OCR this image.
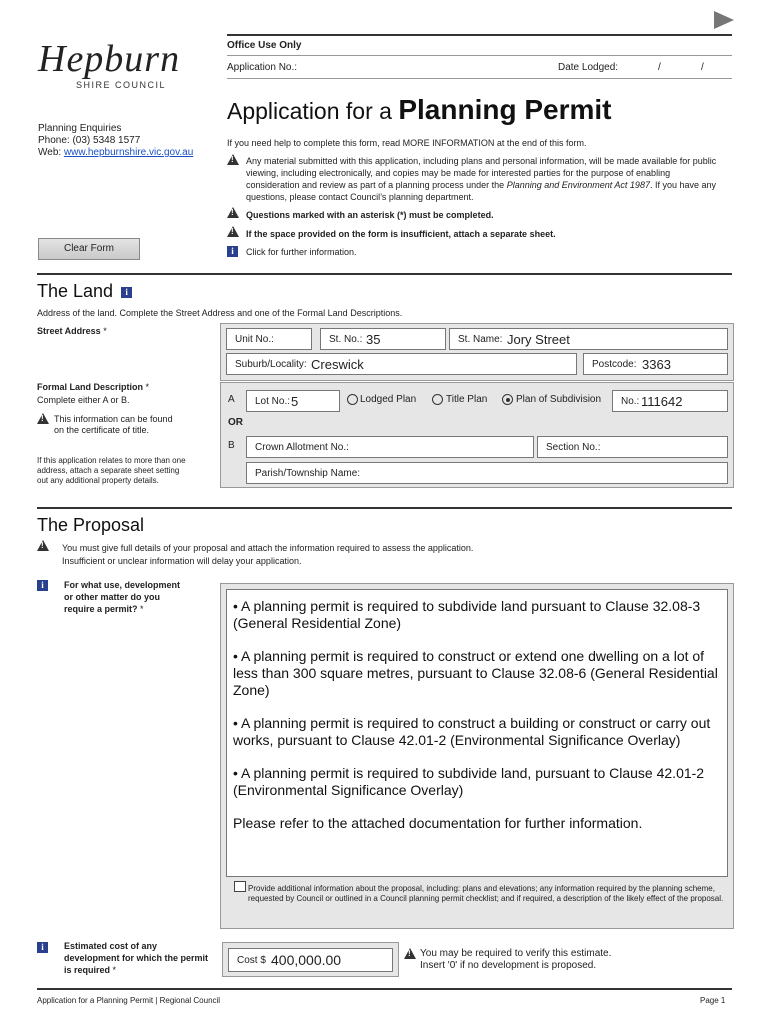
Hepburn
SHIRE COUNCIL
Office Use Only
Application No.:	Date Lodged:	/	/
Application for a Planning Permit
Planning Enquiries
Phone: (03) 5348 1577
Web: www.hepburnshire.vic.gov.au
If you need help to complete this form, read MORE INFORMATION at the end of this form.
!
Any material submitted with this application, including plans and personal information, will be made available for public viewing, including electronically, and copies may be made for interested parties for the purpose of enabling consideration and review as part of a planning process under the Planning and Environment Act 1987. If you have any questions, please contact Council’s planning department.
!
Questions marked with an asterisk (*) must be completed.
!
If the space provided on the form is insufficient, attach a separate sheet.
i	Click for further information.
Clear Form
The Land i
Address of the land. Complete the Street Address and one of the Formal Land Descriptions.
Street Address *
Unit No.:	St. No.: 35	St. Name: Jory Street
Suburb/Locality: Creswick	Postcode: 3363
Formal Land Description *
Complete either A or B.
!
This information can be found on the certificate of title.
If this application relates to more than one address, attach a separate sheet setting out any additional property details.
A Lot No.: 5	Lodged Plan	Title Plan	Plan of Subdivision No.: 111642
OR
B Crown Allotment No.:	Section No.:
Parish/Township Name:
The Proposal
!
You must give full details of your proposal and attach the information required to assess the application.
Insufficient or unclear information will delay your application.
i	For what use, development or other matter do you require a permit? *	• A planning permit is required to subdivide land pursuant to Clause 32.08-3 (General Residential Zone)
• A planning permit is required to construct or extend one dwelling on a lot of less than 300 square metres, pursuant to Clause 32.08-6 (General Residential Zone)
• A planning permit is required to construct a building or construct or carry out works, pursuant to Clause 42.01-2 (Environmental Significance Overlay)
• A planning permit is required to subdivide land, pursuant to Clause 42.01-2 (Environmental Significance Overlay)
Please refer to the attached documentation for further information.
Provide additional information about the proposal, including: plans and elevations; any information required by the planning scheme, requested by Council or outlined in a Council planning permit checklist; and if required, a description of the likely effect of the proposal.
i	Estimated cost of any development for which the permit is required *
Cost $ 400,000.00
!	You may be required to verify this estimate.
Insert '0' if no development is proposed.
Application for a Planning Permit | Regional Council	Page 1
